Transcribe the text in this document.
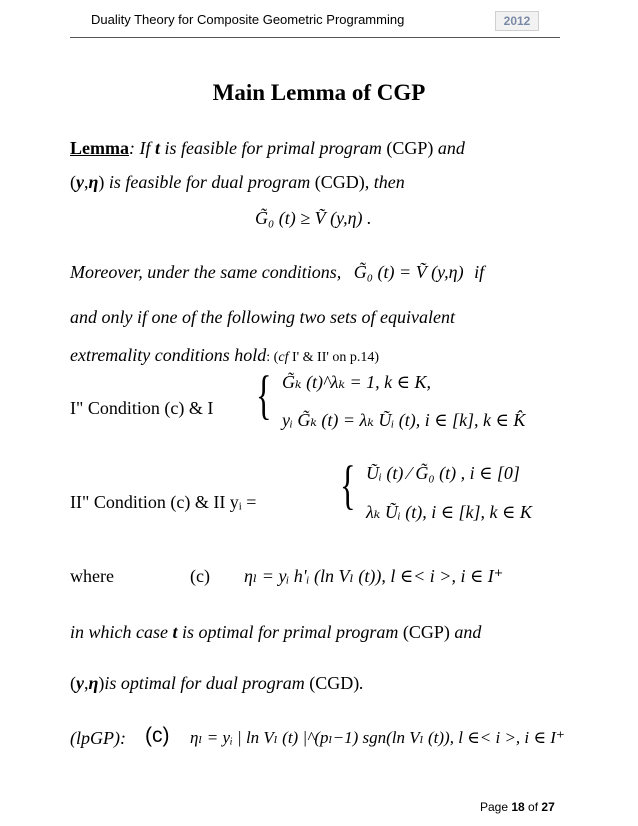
Duality Theory for Composite Geometric Programming	2012
Main Lemma of CGP
Lemma: If t is feasible for primal program (CGP) and
(y,η) is feasible for dual program (CGD), then
G̃₀ (t) ≥ Ṽ (y,η) .
Moreover, under the same conditions, G̃₀ (t) = Ṽ (y,η) if
and only if one of the following two sets of equivalent
extremality conditions hold: (cf I' & II' on p.14)
I" Condition (c) & I { G̃ₖ (t)^λₖ = 1, k ∈ K,
yᵢ G̃ₖ (t) = λₖ Ũᵢ (t), i ∈ [k], k ∈ K̂
II" Condition (c) & II yᵢ = { Ũᵢ (t) ⁄ G̃₀ (t) , i ∈ [0]
λₖ Ũᵢ (t), i ∈ [k], k ∈ K
where	(c) ηₗ = yᵢ h'ᵢ (ln Vₗ (t)), l ∈< i >, i ∈ I⁺
in which case t is optimal for primal program (CGP) and
(y,η)is optimal for dual program (CGD).
(lpGP): (c) ηₗ = yᵢ | ln Vₗ (t) |^(pₗ−1) sgn(ln Vₗ (t)), l ∈< i >, i ∈ I⁺
Page 18 of 27
